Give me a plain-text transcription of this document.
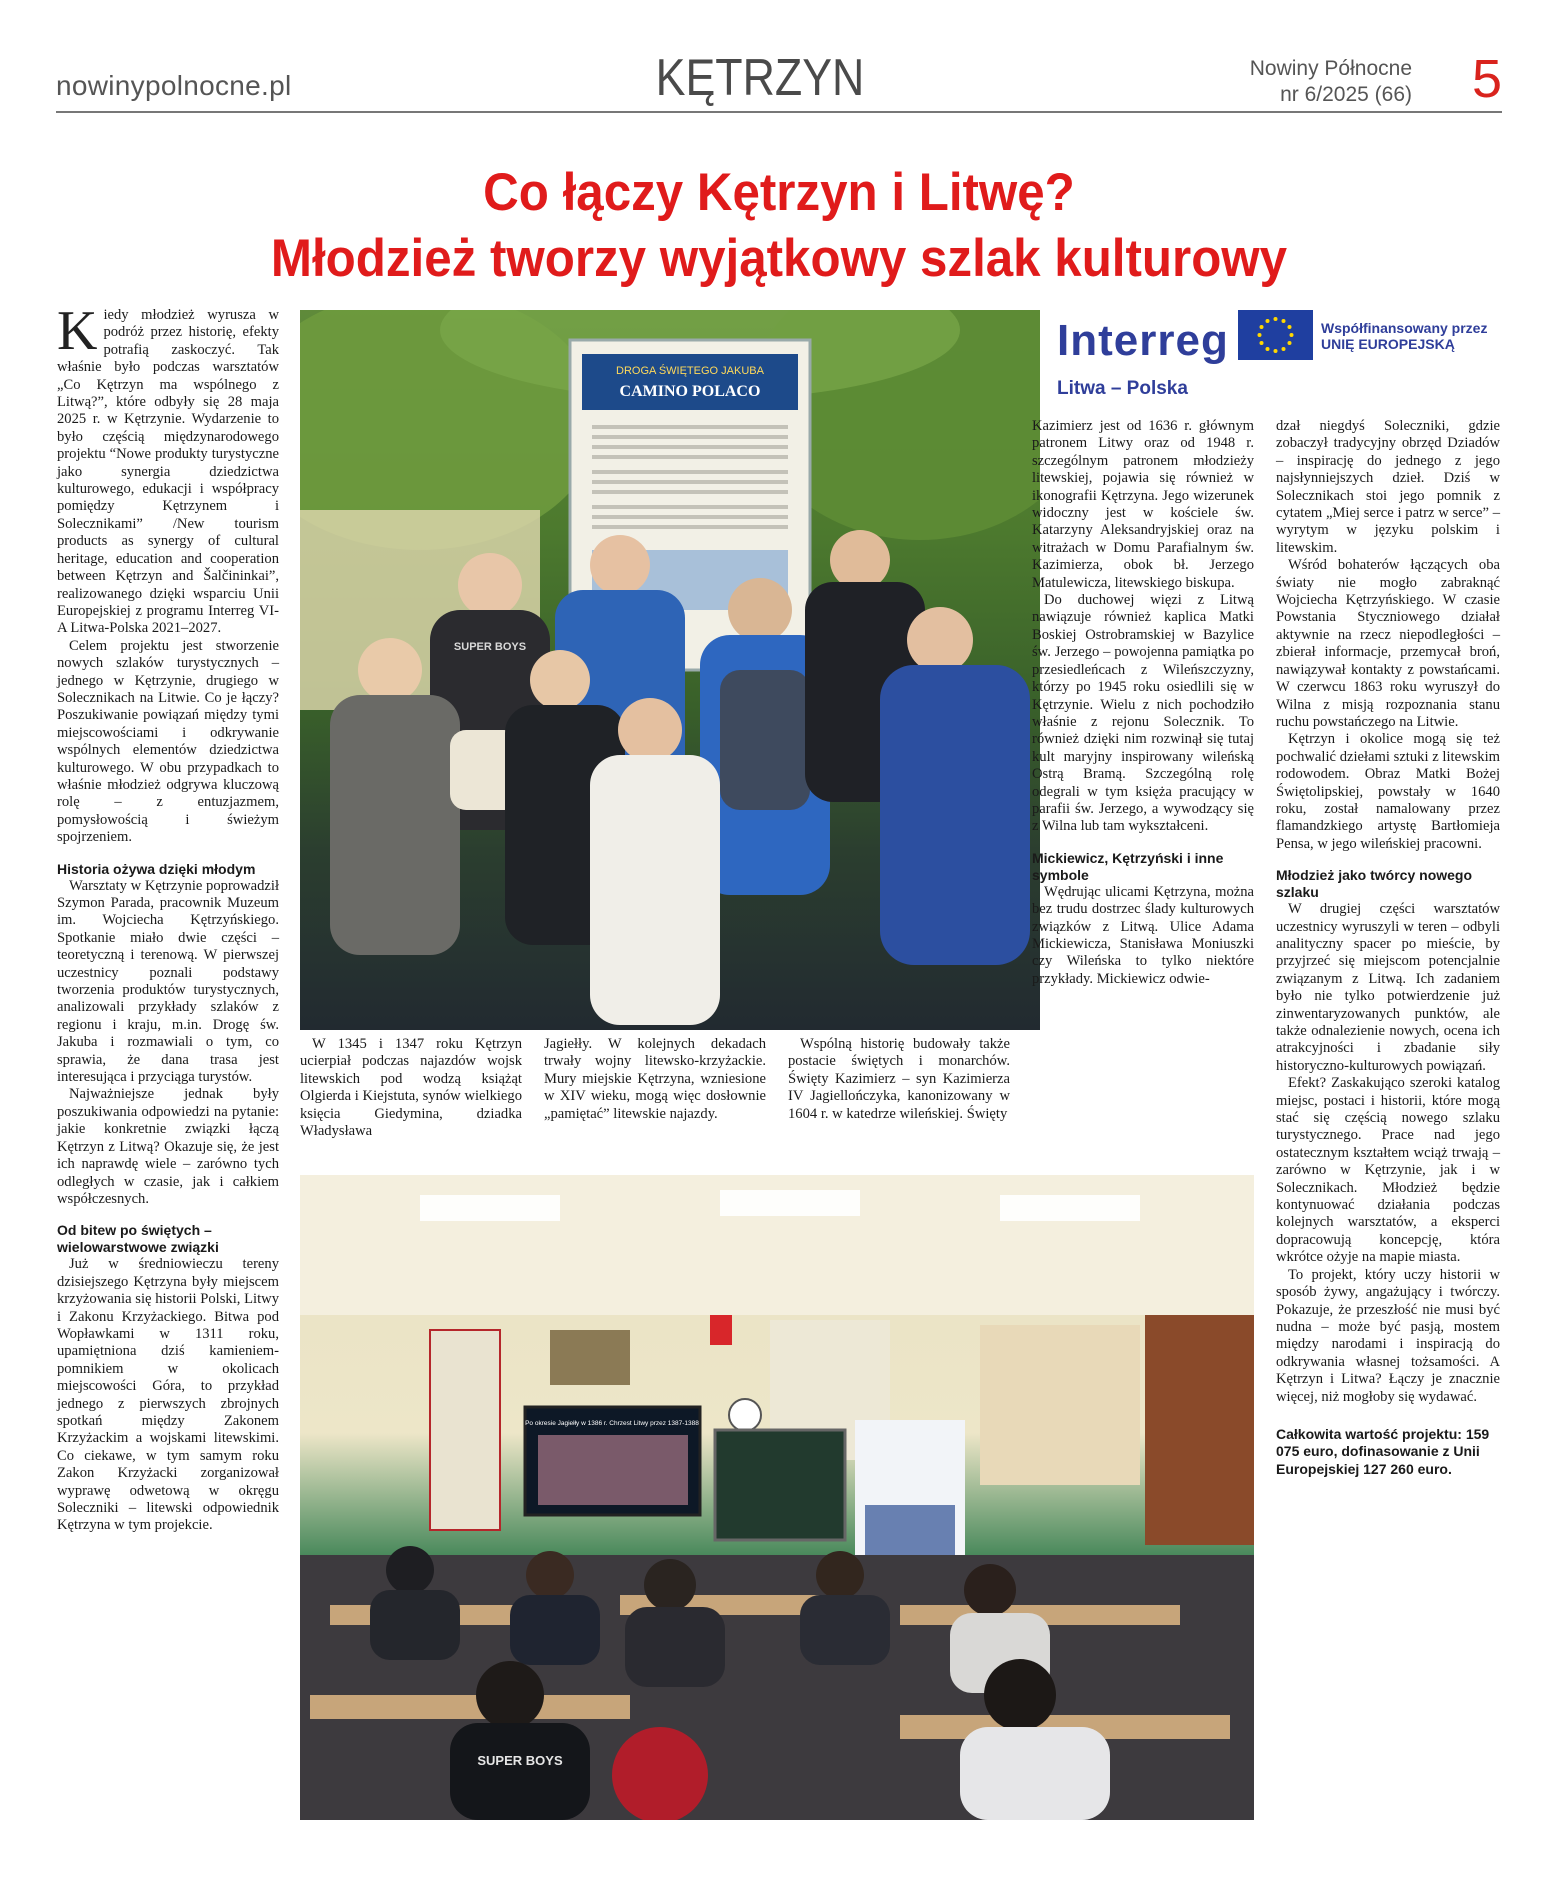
nowinypolnocne.pl	KĘTRZYN	Nowiny Północne
nr 6/2025 (66) 5
Co łączy Kętrzyn i Litwę?
Młodzież tworzy wyjątkowy szlak kulturowy

Kiedy młodzież wyrusza w podróż przez historię, efekty potrafią zaskoczyć. Tak właśnie było podczas warsztatów „Co Kętrzyn ma wspólnego z Litwą?”, które odbyły się 28 maja 2025 r. w Kętrzynie. Wydarzenie to było częścią międzynarodowego projektu “Nowe produkty turystyczne jako synergia dziedzictwa kulturowego, edukacji i współpracy pomiędzy Kętrzynem i Solecznikami” /New tourism products as synergy of cultural heritage, education and cooperation between Kętrzyn and Šalčininkai”, realizowanego dzięki wsparciu Unii Europejskiej z programu Interreg VI-A Litwa-Polska 2021–2027.

Celem projektu jest stworzenie nowych szlaków turystycznych – jednego w Kętrzynie, drugiego w Solecznikach na Litwie. Co je łączy? Poszukiwanie powiązań między tymi miejscowościami i odkrywanie wspólnych elementów dziedzictwa kulturowego. W obu przypadkach to właśnie młodzież odgrywa kluczową rolę – z entuzjazmem, pomysłowością i świeżym spojrzeniem.

Historia ożywa dzięki młodym

Warsztaty w Kętrzynie poprowadził Szymon Parada, pracownik Muzeum im. Wojciecha Kętrzyńskiego. Spotkanie miało dwie części – teoretyczną i terenową. W pierwszej uczestnicy poznali podstawy tworzenia produktów turystycznych, analizowali przykłady szlaków z regionu i kraju, m.in. Drogę św. Jakuba i rozmawiali o tym, co sprawia, że dana trasa jest interesująca i przyciąga turystów.

Najważniejsze jednak były poszukiwania odpowiedzi na pytanie: jakie konkretnie związki łączą Kętrzyn z Litwą? Okazuje się, że jest ich naprawdę wiele – zarówno tych odległych w czasie, jak i całkiem współczesnych.

Od bitew po świętych – wielowarstwowe związki

Już w średniowieczu tereny dzisiejszego Kętrzyna były miejscem krzyżowania się historii Polski, Litwy i Zakonu Krzyżackiego. Bitwa pod Wopławkami w 1311 roku, upamiętniona dziś kamieniem-pomnikiem w okolicach miejscowości Góra, to przykład jednego z pierwszych zbrojnych spotkań między Zakonem Krzyżackim a wojskami litewskimi. Co ciekawe, w tym samym roku Zakon Krzyżacki zorganizował wyprawę odwetową w okręgu Soleczniki – litewski odpowiednik Kętrzyna w tym projekcie.

DROGA ŚWIĘTEGO JAKUBA
CAMINO POLACO
SUPER BOYS

W 1345 i 1347 roku Kętrzyn ucierpiał podczas najazdów wojsk litewskich pod wodzą książąt Olgierda i Kiejstuta, synów wielkiego księcia Giedymina, dziadka Władysława

Jagiełły. W kolejnych dekadach trwały wojny litewsko-krzyżackie. Mury miejskie Kętrzyna, wzniesione w XIV wieku, mogą więc dosłownie „pamiętać” litewskie najazdy.

Wspólną historię budowały także postacie świętych i monarchów. Święty Kazimierz – syn Kazimierza IV Jagiellończyka, kanonizowany w 1604 r. w katedrze wileńskiej. Święty

Interreg	Współfinansowany przez
UNIĘ EUROPEJSKĄ
Litwa – Polska

Kazimierz jest od 1636 r. głównym patronem Litwy oraz od 1948 r. szczególnym patronem młodzieży litewskiej, pojawia się również w ikonografii Kętrzyna. Jego wizerunek widoczny jest w kościele św. Katarzyny Aleksandryjskiej oraz na witrażach w Domu Parafialnym św. Kazimierza, obok bł. Jerzego Matulewicza, litewskiego biskupa.

Do duchowej więzi z Litwą nawiązuje również kaplica Matki Boskiej Ostrobramskiej w Bazylice św. Jerzego – powojenna pamiątka po przesiedleńcach z Wileńszczyzny, którzy po 1945 roku osiedlili się w Kętrzynie. Wielu z nich pochodziło właśnie z rejonu Solecznik. To również dzięki nim rozwinął się tutaj kult maryjny inspirowany wileńską Ostrą Bramą. Szczególną rolę odegrali w tym księża pracujący w parafii św. Jerzego, a wywodzący się z Wilna lub tam wykształceni.

Mickiewicz, Kętrzyński i inne symbole

Wędrując ulicami Kętrzyna, można bez trudu dostrzec ślady kulturowych związków z Litwą. Ulice Adama Mickiewicza, Stanisława Moniuszki czy Wileńska to tylko niektóre przykłady. Mickiewicz odwie-

dzał niegdyś Soleczniki, gdzie zobaczył tradycyjny obrzęd Dziadów – inspirację do jednego z jego najsłynniejszych dzieł. Dziś w Solecznikach stoi jego pomnik z cytatem „Miej serce i patrz w serce” – wyrytym w języku polskim i litewskim.

Wśród bohaterów łączących oba światy nie mogło zabraknąć Wojciecha Kętrzyńskiego. W czasie Powstania Styczniowego działał aktywnie na rzecz niepodległości – zbierał informacje, przemycał broń, nawiązywał kontakty z powstańcami. W czerwcu 1863 roku wyruszył do Wilna z misją rozpoznania stanu ruchu powstańczego na Litwie.

Kętrzyn i okolice mogą się też pochwalić dziełami sztuki z litewskim rodowodem. Obraz Matki Bożej Świętolipskiej, powstały w 1640 roku, został namalowany przez flamandzkiego artystę Bartłomieja Pensa, w jego wileńskiej pracowni.

Młodzież jako twórcy nowego szlaku

W drugiej części warsztatów uczestnicy wyruszyli w teren – odbyli analityczny spacer po mieście, by przyjrzeć się miejscom potencjalnie związanym z Litwą. Ich zadaniem było nie tylko potwierdzenie już zinwentaryzowanych punktów, ale także odnalezienie nowych, ocena ich atrakcyjności i zbadanie siły historyczno-kulturowych powiązań.

Efekt? Zaskakująco szeroki katalog miejsc, postaci i historii, które mogą stać się częścią nowego szlaku turystycznego. Prace nad jego ostatecznym kształtem wciąż trwają – zarówno w Kętrzynie, jak i w Solecznikach. Młodzież będzie kontynuować działania podczas kolejnych warsztatów, a eksperci dopracowują koncepcję, która wkrótce ożyje na mapie miasta.

To projekt, który uczy historii w sposób żywy, angażujący i twórczy. Pokazuje, że przeszłość nie musi być nudna – może być pasją, mostem między narodami i inspiracją do odkrywania własnej tożsamości. A Kętrzyn i Litwa? Łączy je znacznie więcej, niż mogłoby się wydawać.

Całkowita wartość projektu: 159 075 euro, dofinasowanie z Unii Europejskiej 127 260 euro.
Po okresie Jagiełły w 1386 r. Chrzest Litwy przez 1387-1388
SUPER BOYS
